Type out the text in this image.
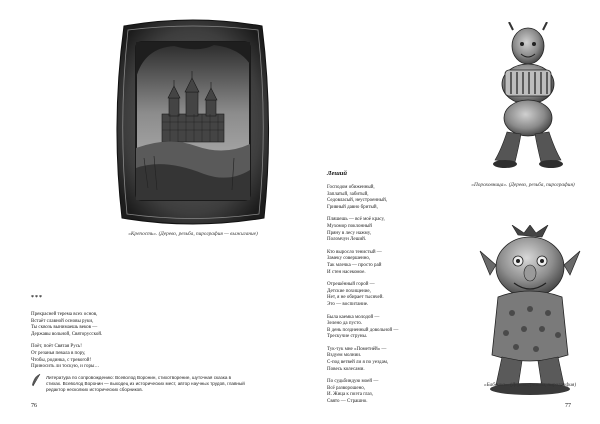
«Крепость». (Дерево, резьба, пирография — выжигание)
***
Прекрасней терема всех основ,
Встаёт славной основы руки,
Ты сквозь вынимаешь веков —
Державы вольной, Святорусской.
Поёт, поёт Святая Русь!
От резанья певала в пору,
Чтобы, родинка, с тревогой!
Приносить ли тоскую, и горы…
Литература по сопровождению: Всеволод Воронин, стихотворение, шуточная сказка в
стихах. Всеволод Воронин — выходец из исторических мест, автор научных трудов, главный
редактор несколких исторических сборников.
76
Леший
Господом обиженный,
Заплатый, забитый,
Седовласый, неустроенный,
Гривный давно бритый,
Пляшешь — всё моё красу,
Мухомор поклонный
Пряну в лесу нажму,
Поломчун Леший.
Кто выросло тенистый —
Замеку совершенно,
Так млечка — просто рай
И стен насекомое.
Отрешённый горой —
Детские похищение,
Нет, я не обирает тысячей.
Это — воспитание.
Была каемка молодой —
Зелено да пусто.
В день поздненный довольной —
Трескучие струны.
Тук-тук мне «Пометнёй» —
Вздуем молнии.
С-под ветвей ли я по уездам,
Повесь колесами.
По судьбиндую моей —
Всё разворошено,
И. Жица к поэта глаз,
Свято — Страшно.
«Пороховница». (Дерево, резьба, пирография)
«Бабочка». (Дерево, резьба, пирография)
77
